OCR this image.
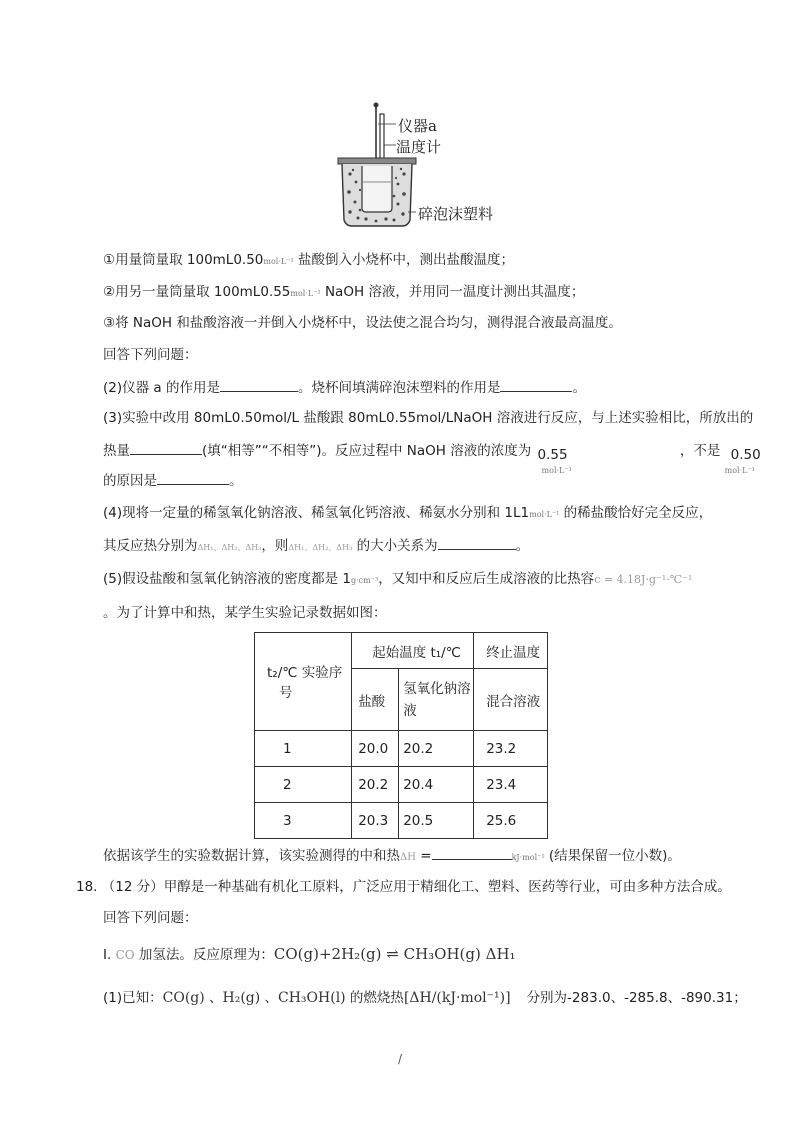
仪器a
温度计
碎泡沫塑料
①用量筒量取 100mL0.50mol·L⁻¹ 盐酸倒入小烧杯中，测出盐酸温度；
②用另一量筒量取 100mL0.55mol·L⁻¹ NaOH 溶液，并用同一温度计测出其温度；
③将 NaOH 和盐酸溶液一并倒入小烧杯中，设法使之混合均匀，测得混合液最高温度。
回答下列问题：
(2)仪器 a 的作用是	。烧杯间填满碎泡沫塑料的作用是	。
(3)实验中改用 80mL0.50mol/L 盐酸跟 80mL0.55mol/LNaOH 溶液进行反应，与上述实验相比，所放出的
热量	(填“相等”“不相等”)。反应过程中 NaOH 溶液的浓度为
mol·L⁻¹
0.55	，不是
mol·L⁻¹
0.50
的原因是	。
(4)现将一定量的稀氢氧化钠溶液、稀氢氧化钙溶液、稀氨水分别和 1L1mol·L⁻¹ 的稀盐酸恰好完全反应，
其反应热分别为ΔH₁、ΔH₂、ΔH₃，则ΔH₁、ΔH₂、ΔH₃ 的大小关系为	。
(5)假设盐酸和氢氧化钠溶液的密度都是 1g·cm⁻³，又知中和反应后生成溶液的比热容c = 4.18J·g⁻¹·℃⁻¹
。为了计算中和热，某学生实验记录数据如图：
t₂/℃ 实验序
号	起始温度 t₁/℃		终止温度
	盐酸	氢氧化钠溶液	混合溶液
1	20.0	20.2	23.2
2	20.2	20.4	23.4
3	20.3	20.5	25.6
依据该学生的实验数据计算，该实验测得的中和热ΔH =	kJ·mol⁻¹ (结果保留一位小数)。
18. （12 分）甲醇是一种基础有机化工原料，广泛应用于精细化工、塑料、医药等行业，可由多种方法合成。
回答下列问题：
Ⅰ. CO 加氢法。反应原理为：CO(g)+2H₂(g) ⇌ CH₃OH(g) ΔH₁
(1)已知：CO(g) 、H₂(g) 、CH₃OH(l) 的燃烧热[ΔH/(kJ·mol⁻¹)] 分别为-283.0、-285.8、-890.31；
/
